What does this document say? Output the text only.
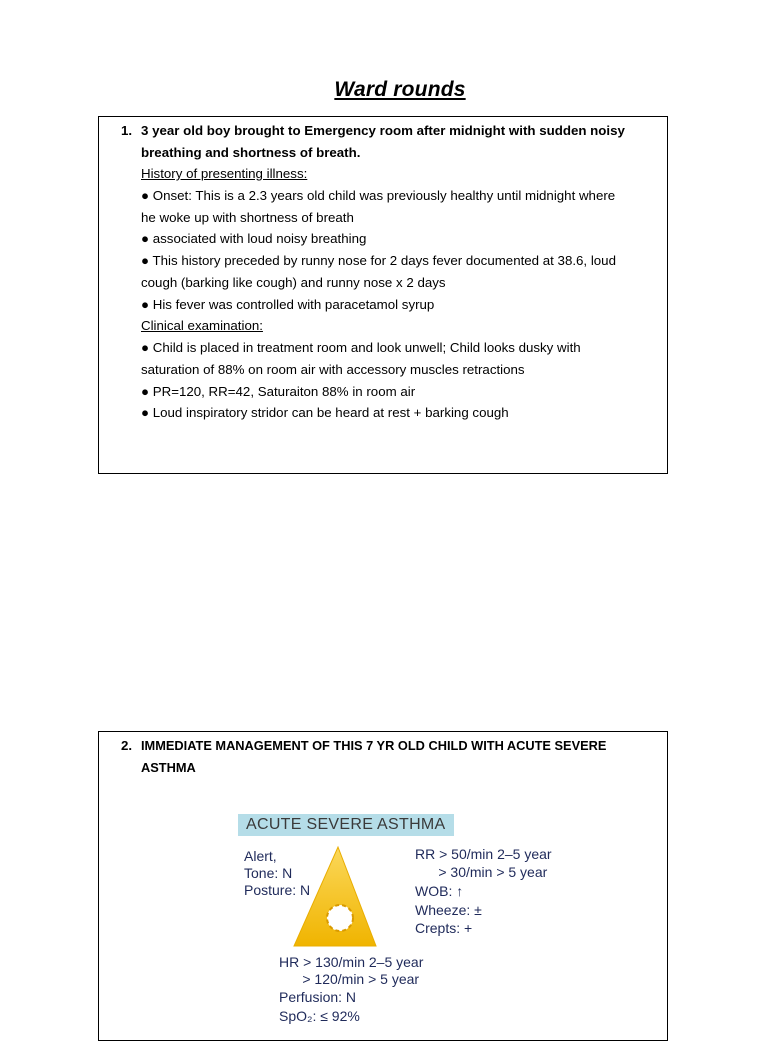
Ward rounds
1. 3 year old boy brought to Emergency room after midnight with sudden noisy
breathing and shortness of breath.
History of presenting illness:
● Onset: This is a 2.3 years old child was previously healthy until midnight where
he woke up with shortness of breath
● associated with loud noisy breathing
● This history preceded by runny nose for 2 days fever documented at 38.6, loud
cough (barking like cough) and runny nose x 2 days
● His fever was controlled with paracetamol syrup
Clinical examination:
● Child is placed in treatment room and look unwell; Child looks dusky with
saturation of 88% on room air with accessory muscles retractions
● PR=120, RR=42, Saturaiton 88% in room air
● Loud inspiratory stridor can be heard at rest + barking cough
2. IMMEDIATE MANAGEMENT OF THIS 7 YR OLD CHILD WITH ACUTE SEVERE
ASTHMA
ACUTE SEVERE ASTHMA
Alert,
Tone: N
Posture: N
RR > 50/min 2–5 year
> 30/min > 5 year
WOB: ↑
Wheeze: ±
Crepts: +
HR > 130/min 2–5 year
> 120/min > 5 year
Perfusion: N
SpO₂: ≤ 92%
